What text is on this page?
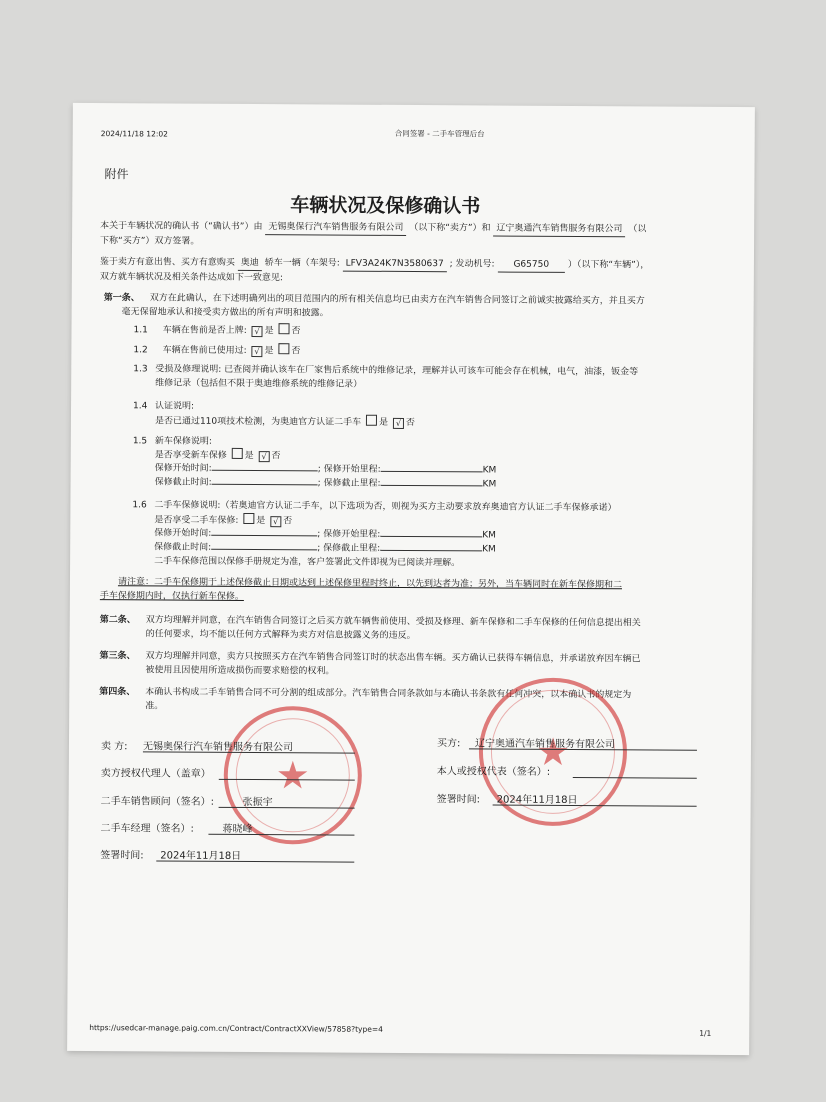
2024/11/18 12:02	合同签署 - 二手车管理后台
附件
车辆状况及保修确认书
本关于车辆状况的确认书（“确认书”）由 无锡奥保行汽车销售服务有限公司 （以下称“卖方”）和 辽宁奥通汽车销售服务有限公司 （以
下称“买方”）双方签署。
鉴于卖方有意出售、买方有意购买 奥迪 轿车一辆（车架号: LFV3A24K7N3580637 ; 发动机号: G65750 ）（以下称“车辆”），
双方就车辆状况及相关条件达成如下一致意见:
第一条、 双方在此确认，在下述明确列出的项目范围内的所有相关信息均已由卖方在汽车销售合同签订之前诚实披露给买方，并且买方
毫无保留地承认和接受卖方做出的所有声明和披露。
1.1 车辆在售前是否上牌: √ 是 否
1.2 车辆在售前已使用过: √ 是 否
1.3 受损及修理说明: 已查阅并确认该车在厂家售后系统中的维修记录，理解并认可该车可能会存在机械，电气，油漆，钣金等
维修记录（包括但不限于奥迪维修系统的维修记录）
1.4 认证说明:
是否已通过110项技术检测，为奥迪官方认证二手车 是 √ 否
1.5 新车保修说明:
是否享受新车保修 是 √ 否
保修开始时间:	; 保修开始里程:	KM
保修截止时间:	; 保修截止里程:	KM
1.6 二手车保修说明:（若奥迪官方认证二手车，以下选项为否，则视为买方主动要求放弃奥迪官方认证二手车保修承诺）
是否享受二手车保修: 是 √ 否
保修开始时间:	; 保修开始里程:	KM
保修截止时间:	; 保修截止里程:	KM
二手车保修范围以保修手册规定为准，客户签署此文件即视为已阅读并理解。
请注意：二手车保修期于上述保修截止日期或达到上述保修里程时终止，以先到达者为准；另外，当车辆同时在新车保修期和二
手车保修期内时，仅执行新车保修。
第二条、 双方均理解并同意，在汽车销售合同签订之后买方就车辆售前使用、受损及修理、新车保修和二手车保修的任何信息提出相关
的任何要求，均不能以任何方式解释为卖方对信息披露义务的违反。
第三条、 双方均理解并同意，卖方只按照买方在汽车销售合同签订时的状态出售车辆。买方确认已获得车辆信息，并承诺放弃因车辆已
被使用且因使用所造成损伤而要求赔偿的权利。
第四条、 本确认书构成二手车销售合同不可分割的组成部分。汽车销售合同条款如与本确认书条款有任何冲突，以本确认书的规定为
准。
★
★
卖 方: 无锡奥保行汽车销售服务有限公司
卖方授权代理人（盖章）
二手车销售顾问（签名）:	张振宇
二手车经理（签名）:	蒋晓峰
签署时间: 2024年11月18日
买方: 辽宁奥通汽车销售服务有限公司
本人或授权代表（签名）:
签署时间: 2024年11月18日
https://usedcar-manage.paig.com.cn/Contract/ContractXXView/57858?type=4	1/1
